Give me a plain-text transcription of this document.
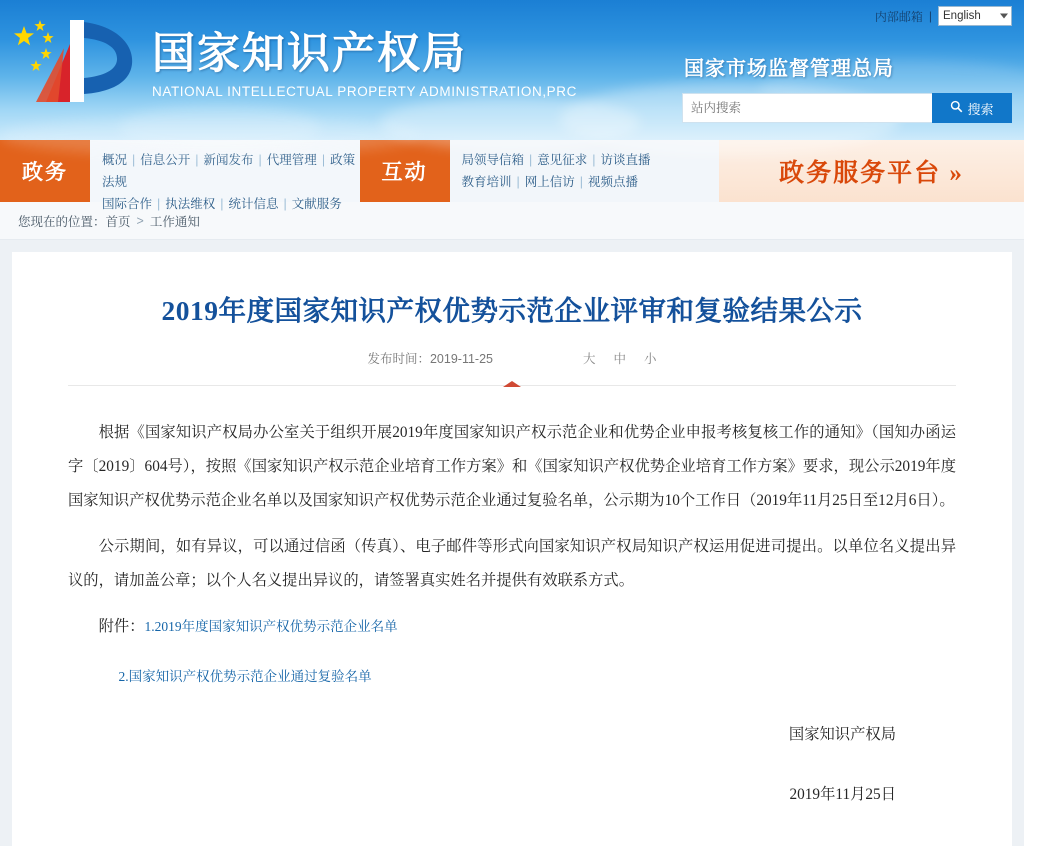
国家知识产权局
NATIONAL INTELLECTUAL PROPERTY ADMINISTRATION,PRC
内部邮箱 | English
国家市场监督管理总局
站内搜索
搜索
政务	概况 | 信息公开 | 新闻发布 | 代理管理 | 政策法规
国际合作 | 执法维权 | 统计信息 | 文献服务
互动	局领导信箱 | 意见征求 | 访谈直播
教育培训 | 网上信访 | 视频点播	政务服务平台 »
您现在的位置： 首页 > 工作通知
2019年度国家知识产权优势示范企业评审和复验结果公示
发布时间：2019-11-25	大 中 小

根据《国家知识产权局办公室关于组织开展2019年度国家知识产权示范企业和优势企业申报考核复核工作的通知》（国知办函运字〔2019〕604号），按照《国家知识产权示范企业培育工作方案》和《国家知识产权优势企业培育工作方案》要求，现公示2019年度国家知识产权优势示范企业名单以及国家知识产权优势示范企业通过复验名单，公示期为10个工作日（2019年11月25日至12月6日）。

公示期间，如有异议，可以通过信函（传真）、电子邮件等形式向国家知识产权局知识产权运用促进司提出。以单位名义提出异议的，请加盖公章；以个人名义提出异议的，请签署真实姓名并提供有效联系方式。

附件：1.2019年度国家知识产权优势示范企业名单
2.国家知识产权优势示范企业通过复验名单
国家知识产权局
2019年11月25日
